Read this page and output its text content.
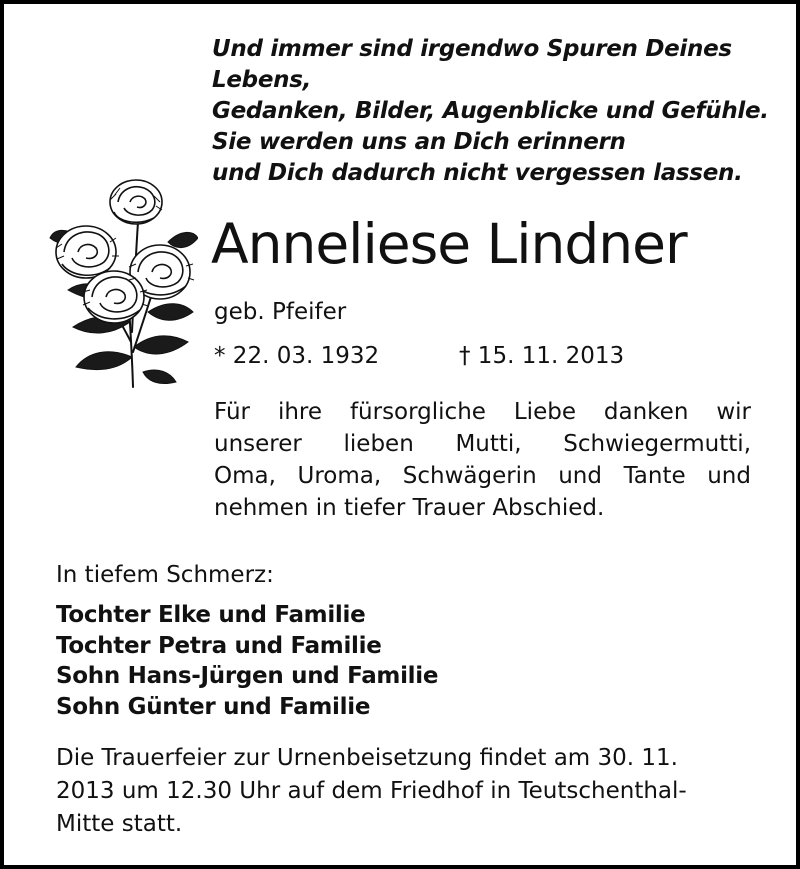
Und immer sind irgendwo Spuren Deines
Lebens,
Gedanken, Bilder, Augenblicke und Gefühle.
Sie werden uns an Dich erinnern
und Dich dadurch nicht vergessen lassen.
Anneliese Lindner
geb. Pfeifer
* 22. 03. 1932	† 15. 11. 2013
Für ihre fürsorgliche Liebe danken wir
unserer lieben Mutti, Schwiegermutti,
Oma, Uroma, Schwägerin und Tante und
nehmen in tiefer Trauer Abschied.
In tiefem Schmerz:
Tochter Elke und Familie
Tochter Petra und Familie
Sohn Hans-Jürgen und Familie
Sohn Günter und Familie
Die Trauerfeier zur Urnenbeisetzung findet am 30. 11.
2013 um 12.30 Uhr auf dem Friedhof in Teutschenthal-
Mitte statt.
